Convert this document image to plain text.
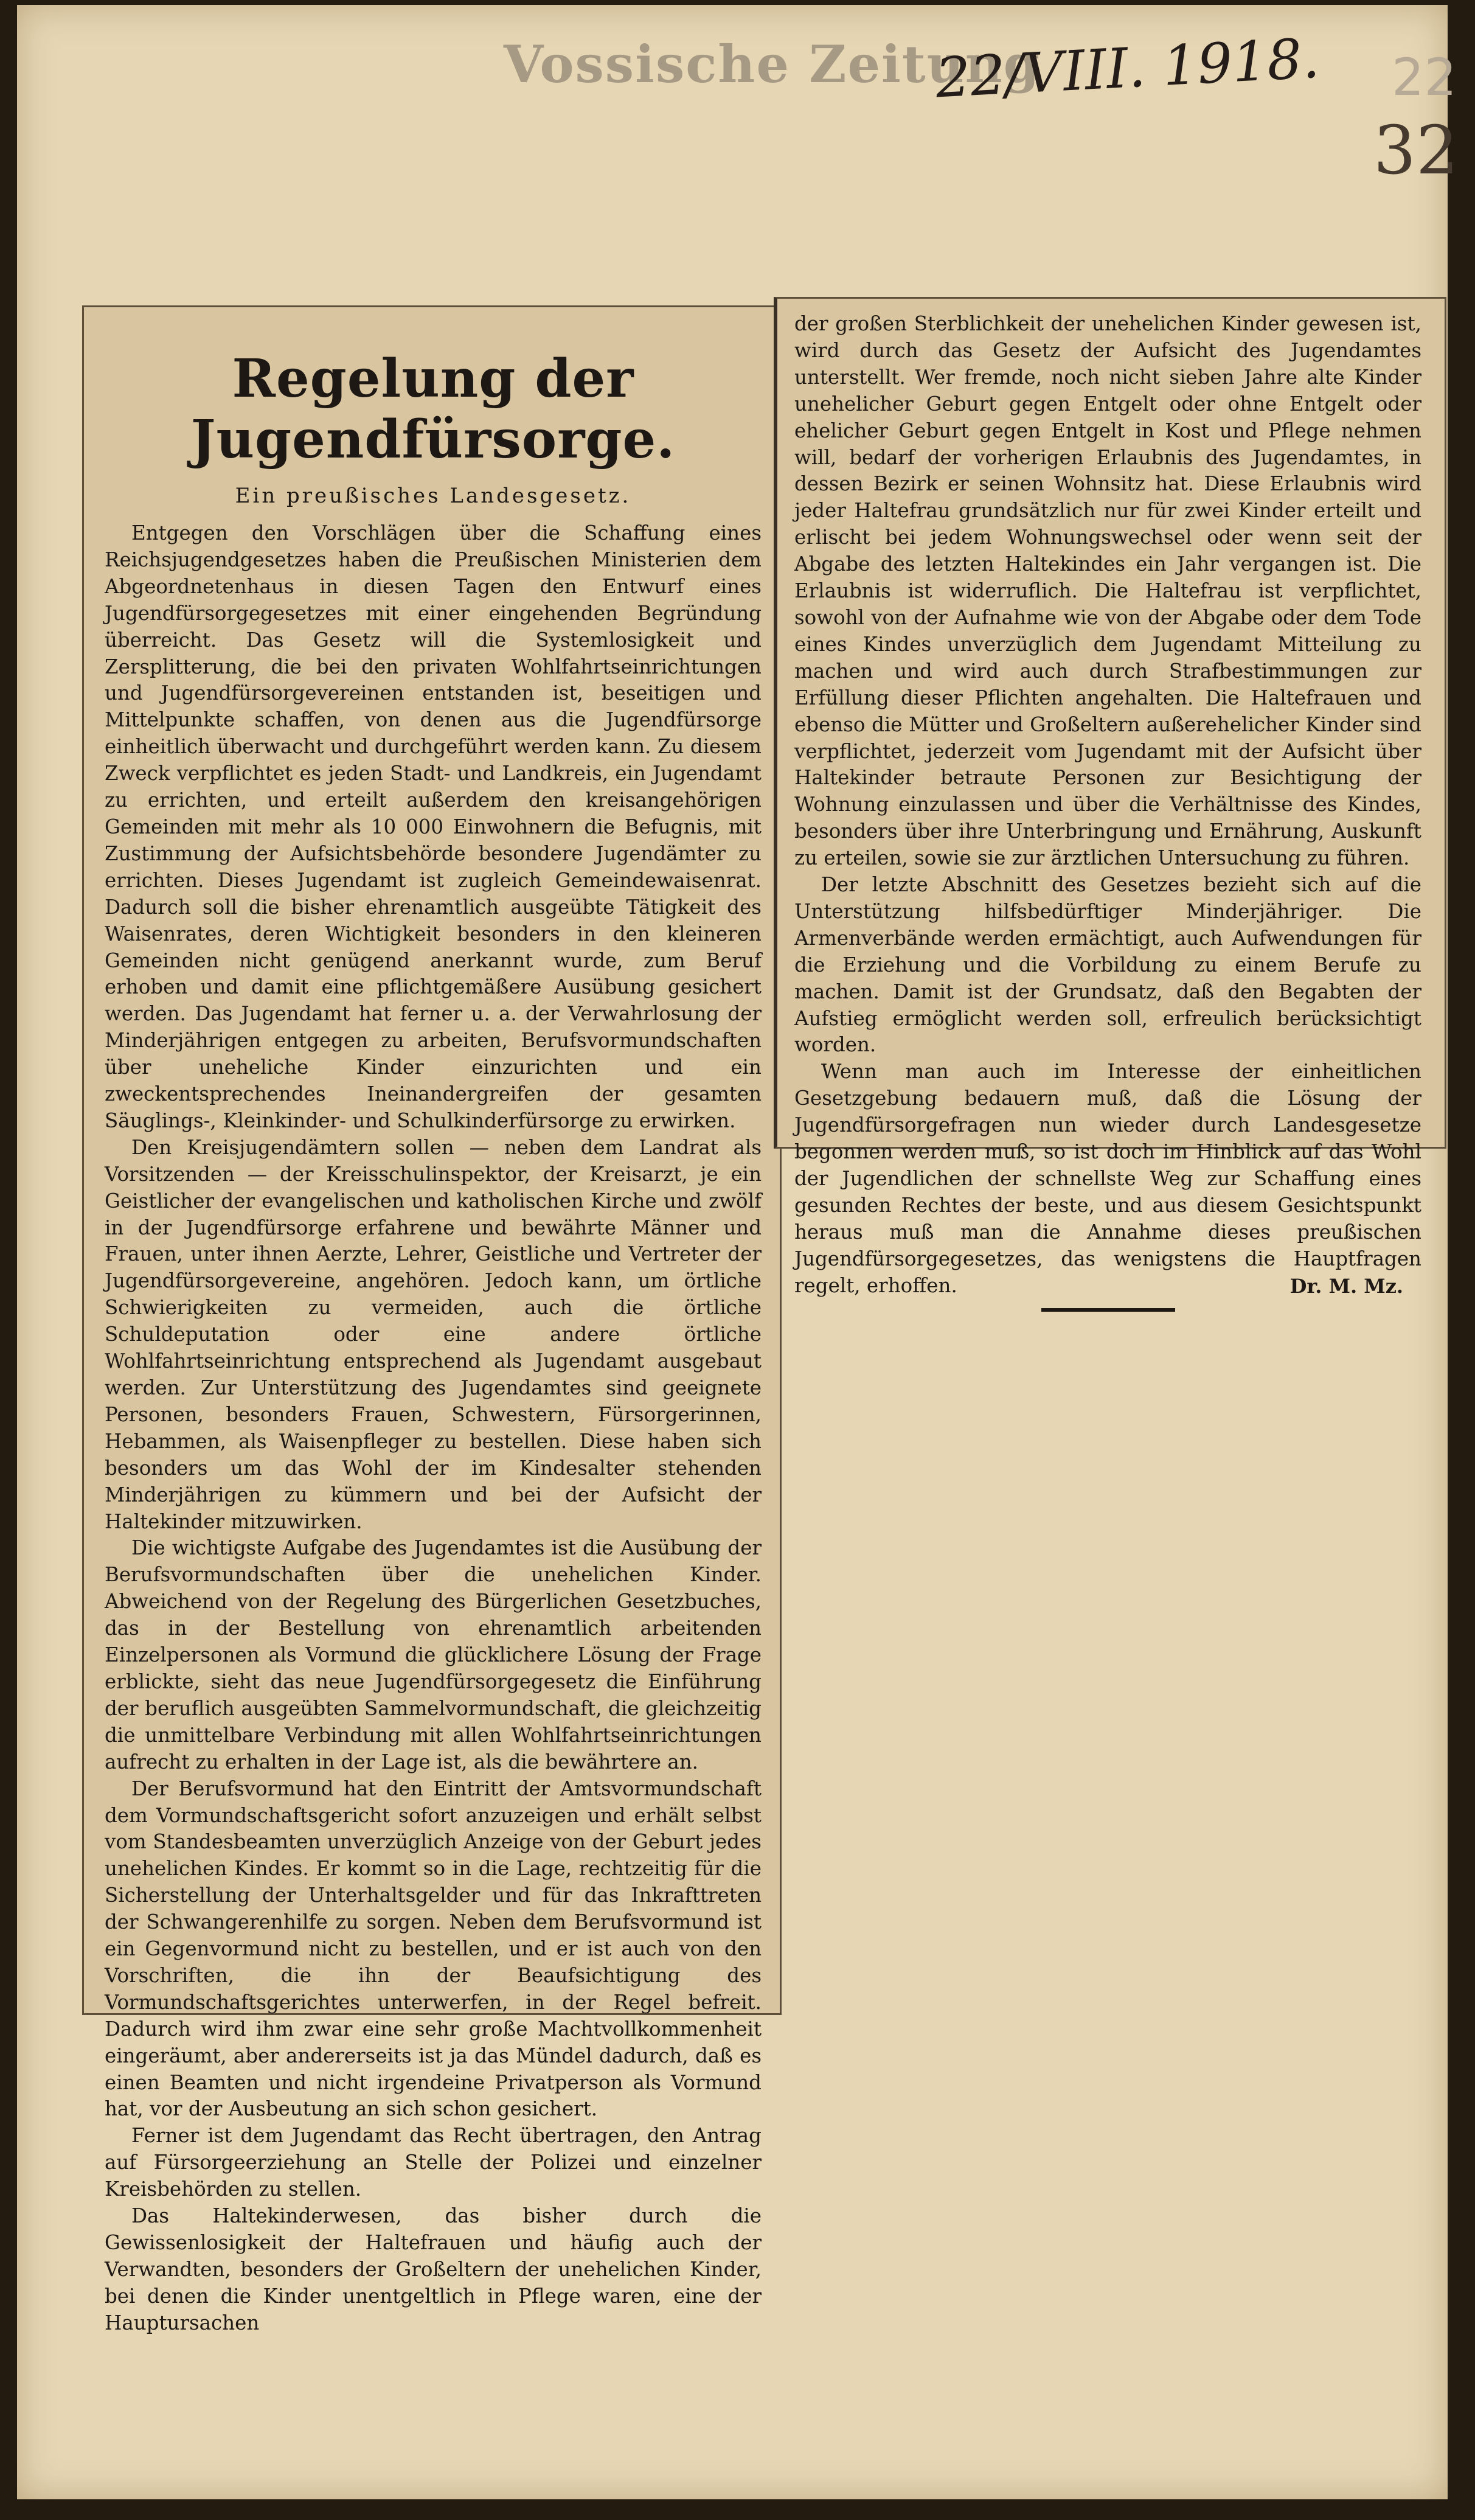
Vossische Zeitung
22/VIII. 1918. 22
32
Regelung der Jugendfürsorge.
Ein preußisches Landesgesetz.

Entgegen den Vorschlägen über die Schaffung eines Reichsjugendgesetzes haben die Preußischen Ministerien dem Abgeordnetenhaus in diesen Tagen den Entwurf eines Jugendfürsorgegesetzes mit einer eingehenden Begründung überreicht. Das Gesetz will die Systemlosigkeit und Zersplitterung, die bei den privaten Wohlfahrtseinrichtungen und Jugendfürsorgevereinen entstanden ist, beseitigen und Mittelpunkte schaffen, von denen aus die Jugendfürsorge einheitlich überwacht und durchgeführt werden kann. Zu diesem Zweck verpflichtet es jeden Stadt- und Landkreis, ein Jugendamt zu errichten, und erteilt außerdem den kreisangehörigen Gemeinden mit mehr als 10 000 Einwohnern die Befugnis, mit Zustimmung der Aufsichtsbehörde besondere Jugendämter zu errichten. Dieses Jugendamt ist zugleich Gemeindewaisenrat. Dadurch soll die bisher ehrenamtlich ausgeübte Tätigkeit des Waisenrates, deren Wichtigkeit besonders in den kleineren Gemeinden nicht genügend anerkannt wurde, zum Beruf erhoben und damit eine pflichtgemäßere Ausübung gesichert werden. Das Jugendamt hat ferner u. a. der Verwahrlosung der Minderjährigen entgegen zu arbeiten, Berufsvormundschaften über uneheliche Kinder einzurichten und ein zweckentsprechendes Ineinandergreifen der gesamten Säuglings-, Kleinkinder- und Schulkinderfürsorge zu erwirken.

Den Kreisjugendämtern sollen — neben dem Landrat als Vorsitzenden — der Kreisschulinspektor, der Kreisarzt, je ein Geistlicher der evangelischen und katholischen Kirche und zwölf in der Jugendfürsorge erfahrene und bewährte Männer und Frauen, unter ihnen Aerzte, Lehrer, Geistliche und Vertreter der Jugendfürsorgevereine, angehören. Jedoch kann, um örtliche Schwierigkeiten zu vermeiden, auch die örtliche Schuldeputation oder eine andere örtliche Wohlfahrtseinrichtung entsprechend als Jugendamt ausgebaut werden. Zur Unterstützung des Jugendamtes sind geeignete Personen, besonders Frauen, Schwestern, Fürsorgerinnen, Hebammen, als Waisenpfleger zu bestellen. Diese haben sich besonders um das Wohl der im Kindesalter stehenden Minderjährigen zu kümmern und bei der Aufsicht der Haltekinder mitzuwirken.

Die wichtigste Aufgabe des Jugendamtes ist die Ausübung der Berufsvormundschaften über die unehelichen Kinder. Abweichend von der Regelung des Bürgerlichen Gesetzbuches, das in der Bestellung von ehrenamtlich arbeitenden Einzelpersonen als Vormund die glücklichere Lösung der Frage erblickte, sieht das neue Jugendfürsorgegesetz die Einführung der beruflich ausgeübten Sammelvormundschaft, die gleichzeitig die unmittelbare Verbindung mit allen Wohlfahrtseinrichtungen aufrecht zu erhalten in der Lage ist, als die bewährtere an.

Der Berufsvormund hat den Eintritt der Amtsvormundschaft dem Vormundschaftsgericht sofort anzuzeigen und erhält selbst vom Standesbeamten unverzüglich Anzeige von der Geburt jedes unehelichen Kindes. Er kommt so in die Lage, rechtzeitig für die Sicherstellung der Unterhaltsgelder und für das Inkrafttreten der Schwangerenhilfe zu sorgen. Neben dem Berufsvormund ist ein Gegenvormund nicht zu bestellen, und er ist auch von den Vorschriften, die ihn der Beaufsichtigung des Vormundschaftsgerichtes unterwerfen, in der Regel befreit. Dadurch wird ihm zwar eine sehr große Machtvollkommenheit eingeräumt, aber andererseits ist ja das Mündel dadurch, daß es einen Beamten und nicht irgendeine Privatperson als Vormund hat, vor der Ausbeutung an sich schon gesichert.

Ferner ist dem Jugendamt das Recht übertragen, den Antrag auf Fürsorgeerziehung an Stelle der Polizei und einzelner Kreisbehörden zu stellen.

Das Haltekinderwesen, das bisher durch die Gewissenlosigkeit der Haltefrauen und häufig auch der Verwandten, besonders der Großeltern der unehelichen Kinder, bei denen die Kinder unentgeltlich in Pflege waren, eine der Hauptursachen

der großen Sterblichkeit der unehelichen Kinder gewesen ist, wird durch das Gesetz der Aufsicht des Jugendamtes unterstellt. Wer fremde, noch nicht sieben Jahre alte Kinder unehelicher Geburt gegen Entgelt oder ohne Entgelt oder ehelicher Geburt gegen Entgelt in Kost und Pflege nehmen will, bedarf der vorherigen Erlaubnis des Jugendamtes, in dessen Bezirk er seinen Wohnsitz hat. Diese Erlaubnis wird jeder Haltefrau grundsätzlich nur für zwei Kinder erteilt und erlischt bei jedem Wohnungswechsel oder wenn seit der Abgabe des letzten Haltekindes ein Jahr vergangen ist. Die Erlaubnis ist widerruflich. Die Haltefrau ist verpflichtet, sowohl von der Aufnahme wie von der Abgabe oder dem Tode eines Kindes unverzüglich dem Jugendamt Mitteilung zu machen und wird auch durch Strafbestimmungen zur Erfüllung dieser Pflichten angehalten. Die Haltefrauen und ebenso die Mütter und Großeltern außerehelicher Kinder sind verpflichtet, jederzeit vom Jugendamt mit der Aufsicht über Haltekinder betraute Personen zur Besichtigung der Wohnung einzulassen und über die Verhältnisse des Kindes, besonders über ihre Unterbringung und Ernährung, Auskunft zu erteilen, sowie sie zur ärztlichen Untersuchung zu führen.

Der letzte Abschnitt des Gesetzes bezieht sich auf die Unterstützung hilfsbedürftiger Minderjähriger. Die Armenverbände werden ermächtigt, auch Aufwendungen für die Erziehung und die Vorbildung zu einem Berufe zu machen. Damit ist der Grundsatz, daß den Begabten der Aufstieg ermöglicht werden soll, erfreulich berücksichtigt worden.

Wenn man auch im Interesse der einheitlichen Gesetzgebung bedauern muß, daß die Lösung der Jugendfürsorgefragen nun wieder durch Landesgesetze begonnen werden muß, so ist doch im Hinblick auf das Wohl der Jugendlichen der schnellste Weg zur Schaffung eines gesunden Rechtes der beste, und aus diesem Gesichtspunkt heraus muß man die Annahme dieses preußischen Jugendfürsorgegesetzes, das wenigstens die Hauptfragen regelt, erhoffen.	Dr. M. Mz.
